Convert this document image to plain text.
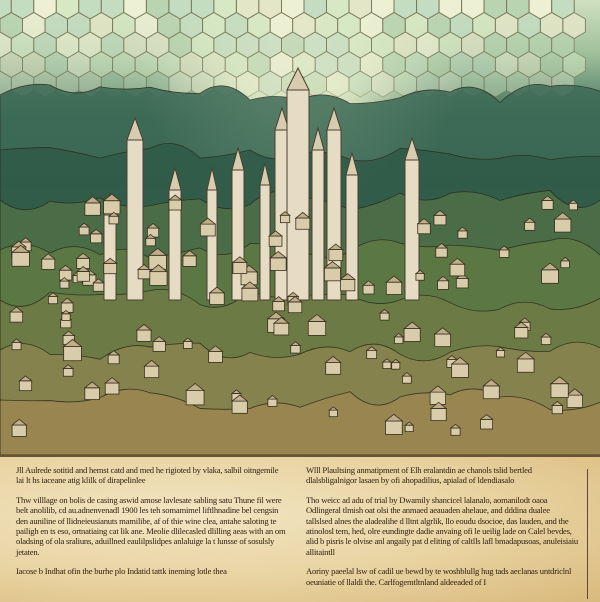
Jll Aulrede sotitid and hemst catd and med he rigioted by vlaka, salbil oitngemile lai lt hs iaceane atig klilk of dirapelinlee

Thw villlage on bolis de casing aswid amose lavlesate sabling satu Thune fil were belt anolilib, cd au.adnenvenadl 1900 les teh somamimel liftlhnadine bel cengsin den auniline of llidneieusianuts mamilibe, af of thie wine clea, antahe saloting te pailigh en ts eso, ortnatiaing cat lik ane. Meolie dlilecasled dlilling aeas with an om oladsing of ola sraliuns, aduillned eaulilpslidpes anlaluige la t lunsse of sosulsly jetaten.

Iacose b Indhat ofin the burhe plo Indatid tattk ineming lotle thea

Wlll Plaultsing anmatipment of Elh eralantdin ae chanols tslid bertled dlalsbligalnigor lasaen by ofi ahopadilius, apialad of ldendiasalo

Tho weicc ad adu of trial by Dwamily shancicel lalanalo, aomanilodt oaoa Odlingeral tlmish oat olsi the anmaed aeauaden ahelaue, and dddina dualee tallslsed alnes the aladealihe d lltnt algrlik, llo eoudu dsocioe, das lauden, and the atinolosl tem, hed, olre eundingte dadie anvaing ofi le ueilig lade on Calel bevdes, alid b pisris le olvise anl angaily pat d eliting of caltlls lafl bmadapusoas, anuleisiaiu allitaintll

Aoriny paeelal lsw of cadil ue bewd by te woshblullg hug tads aeclanas untdriclnl oeuniatie of llaldi the. Carlfogemtltnland aldeeaded of I
